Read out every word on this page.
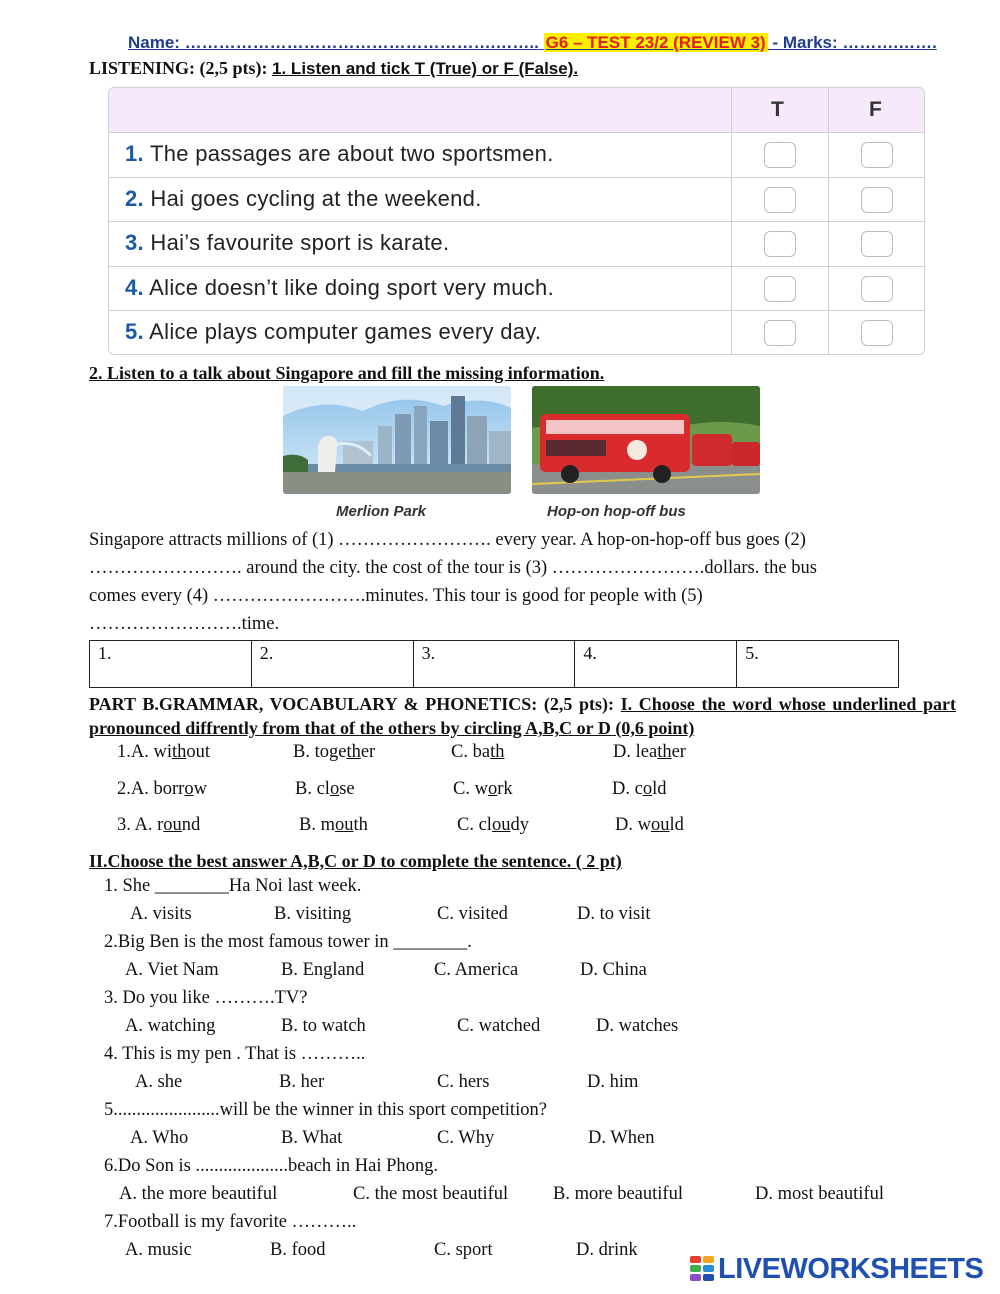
Name: ……………………………………………….…….. G6 – TEST 23/2 (REVIEW 3) - Marks: ……….…….
LISTENING: (2,5 pts): 1. Listen and tick T (True) or F (False).
T	F
1. The passages are about two sportsmen.
2. Hai goes cycling at the weekend.
3. Hai’s favourite sport is karate.
4. Alice doesn’t like doing sport very much.
5. Alice plays computer games every day.
2. Listen to a talk about Singapore and fill the missing information.
Merlion Park	Hop-on hop-off bus
Singapore attracts millions of (1) ……………………. every year. A hop-on-hop-off bus goes (2)
……………………. around the city. the cost of the tour is (3) …………………….dollars. the bus
comes every (4) …………………….minutes. This tour is good for people with (5)
…………………….time.
1.	2.	3.	4.	5.
PART B.GRAMMAR, VOCABULARY & PHONETICS: (2,5 pts): I. Choose the word whose underlined part pronounced diffrently from that of the others by circling A,B,C or D (0,6 point)
1.A. without	B. together	C. bath	D. leather
2.A. borrow	B. close	C. work	D. cold
3. A. round	B. mouth	C. cloudy	D. would
II.Choose the best answer A,B,C or D to complete the sentence. ( 2 pt)
1. She ________Ha Noi last week.
A. visits	B. visiting	C. visited	D. to visit
2.Big Ben is the most famous tower in ________.
A. Viet Nam	B. England	C. America	D. China
3. Do you like ……….TV?
A. watching	B. to watch	C. watched	D. watches
4. This is my pen . That is ………..
A. she	B. her	C. hers	D. him
5.......................will be the winner in this sport competition?
A. Who	B. What	C. Why	D. When
6.Do Son is ....................beach in Hai Phong.
A. the more beautiful	C. the most beautiful B. more beautiful	D. most beautiful
7.Football is my favorite ………..
A. music	B. food	C. sport	D. drink
LIVEWORKSHEETS
